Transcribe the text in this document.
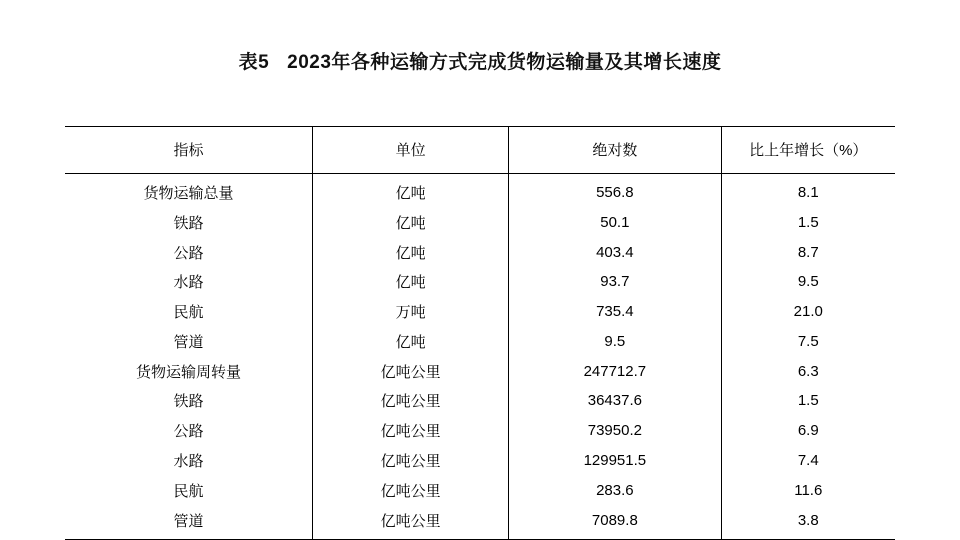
表5 2023年各种运输方式完成货物运输量及其增长速度
指标	单位	绝对数	比上年增长（%）
货物运输总量	亿吨	556.8	8.1
铁路	亿吨	50.1	1.5
公路	亿吨	403.4	8.7
水路	亿吨	93.7	9.5
民航	万吨	735.4	21.0
管道	亿吨	9.5	7.5
货物运输周转量	亿吨公里	247712.7	6.3
铁路	亿吨公里	36437.6	1.5
公路	亿吨公里	73950.2	6.9
水路	亿吨公里	129951.5	7.4
民航	亿吨公里	283.6	11.6
管道	亿吨公里	7089.8	3.8
